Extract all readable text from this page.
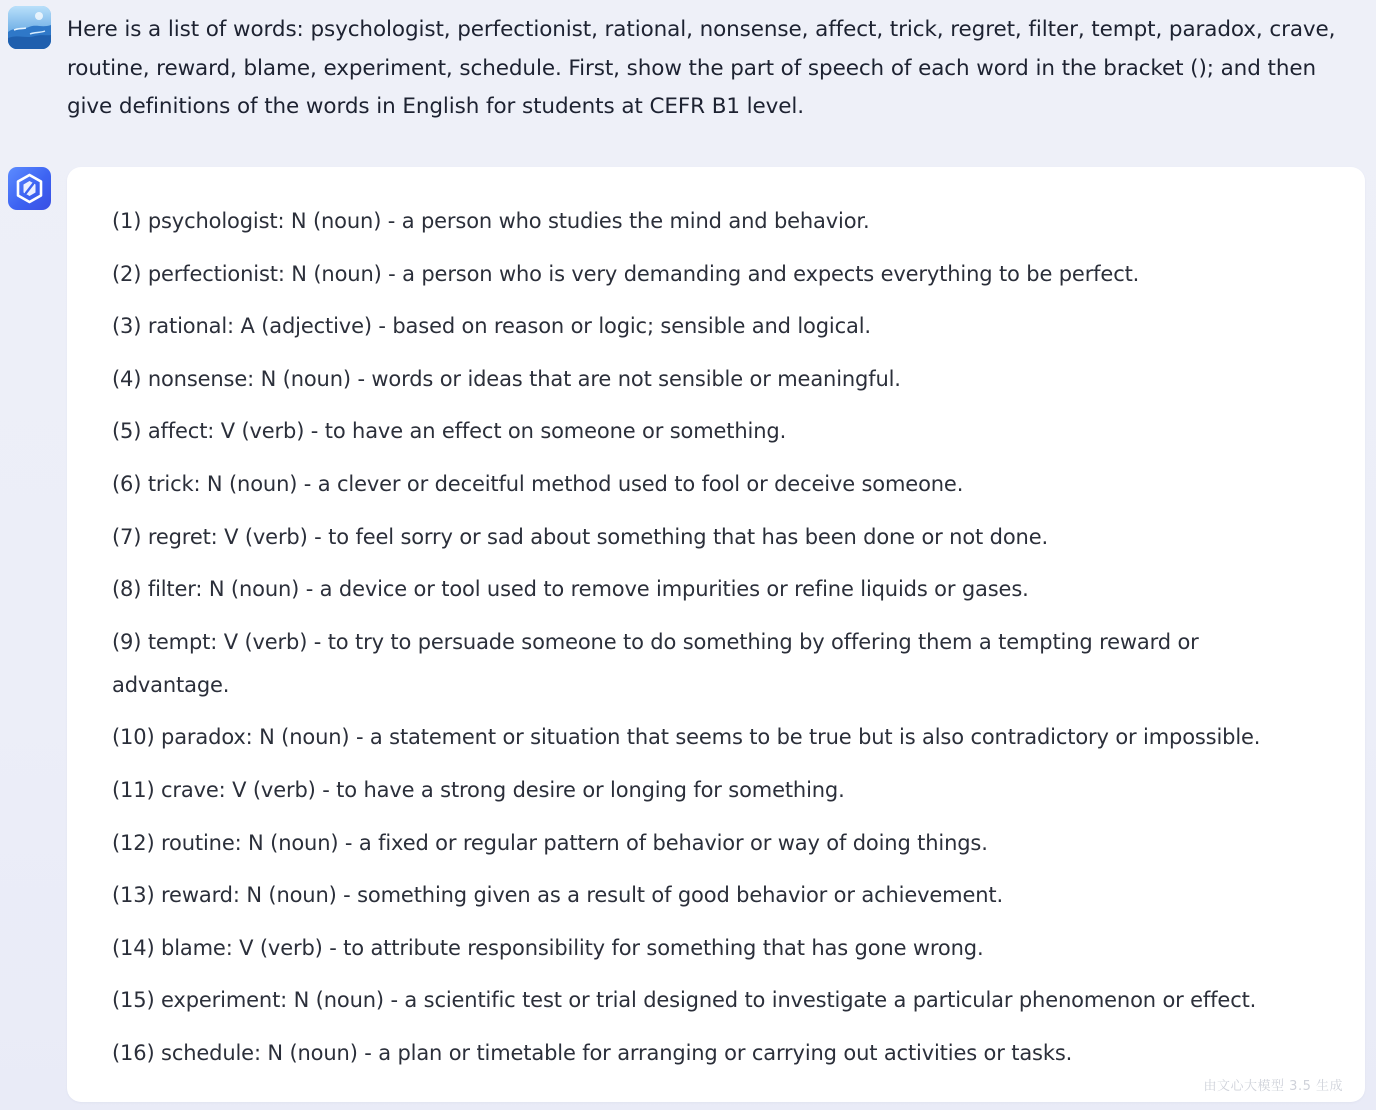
Here is a list of words: psychologist, perfectionist, rational, nonsense, affect, trick, regret, filter, tempt, paradox, crave, routine, reward, blame, experiment, schedule. First, show the part of speech of each word in the bracket (); and then give definitions of the words in English for students at CEFR B1 level.
(1) psychologist: N (noun) - a person who studies the mind and behavior.
(2) perfectionist: N (noun) - a person who is very demanding and expects everything to be perfect.
(3) rational: A (adjective) - based on reason or logic; sensible and logical.
(4) nonsense: N (noun) - words or ideas that are not sensible or meaningful.
(5) affect: V (verb) - to have an effect on someone or something.
(6) trick: N (noun) - a clever or deceitful method used to fool or deceive someone.
(7) regret: V (verb) - to feel sorry or sad about something that has been done or not done.
(8) filter: N (noun) - a device or tool used to remove impurities or refine liquids or gases.
(9) tempt: V (verb) - to try to persuade someone to do something by offering them a tempting reward or advantage.
(10) paradox: N (noun) - a statement or situation that seems to be true but is also contradictory or impossible.
(11) crave: V (verb) - to have a strong desire or longing for something.
(12) routine: N (noun) - a fixed or regular pattern of behavior or way of doing things.
(13) reward: N (noun) - something given as a result of good behavior or achievement.
(14) blame: V (verb) - to attribute responsibility for something that has gone wrong.
(15) experiment: N (noun) - a scientific test or trial designed to investigate a particular phenomenon or effect.
(16) schedule: N (noun) - a plan or timetable for arranging or carrying out activities or tasks.
由文心大模型 3.5 生成
